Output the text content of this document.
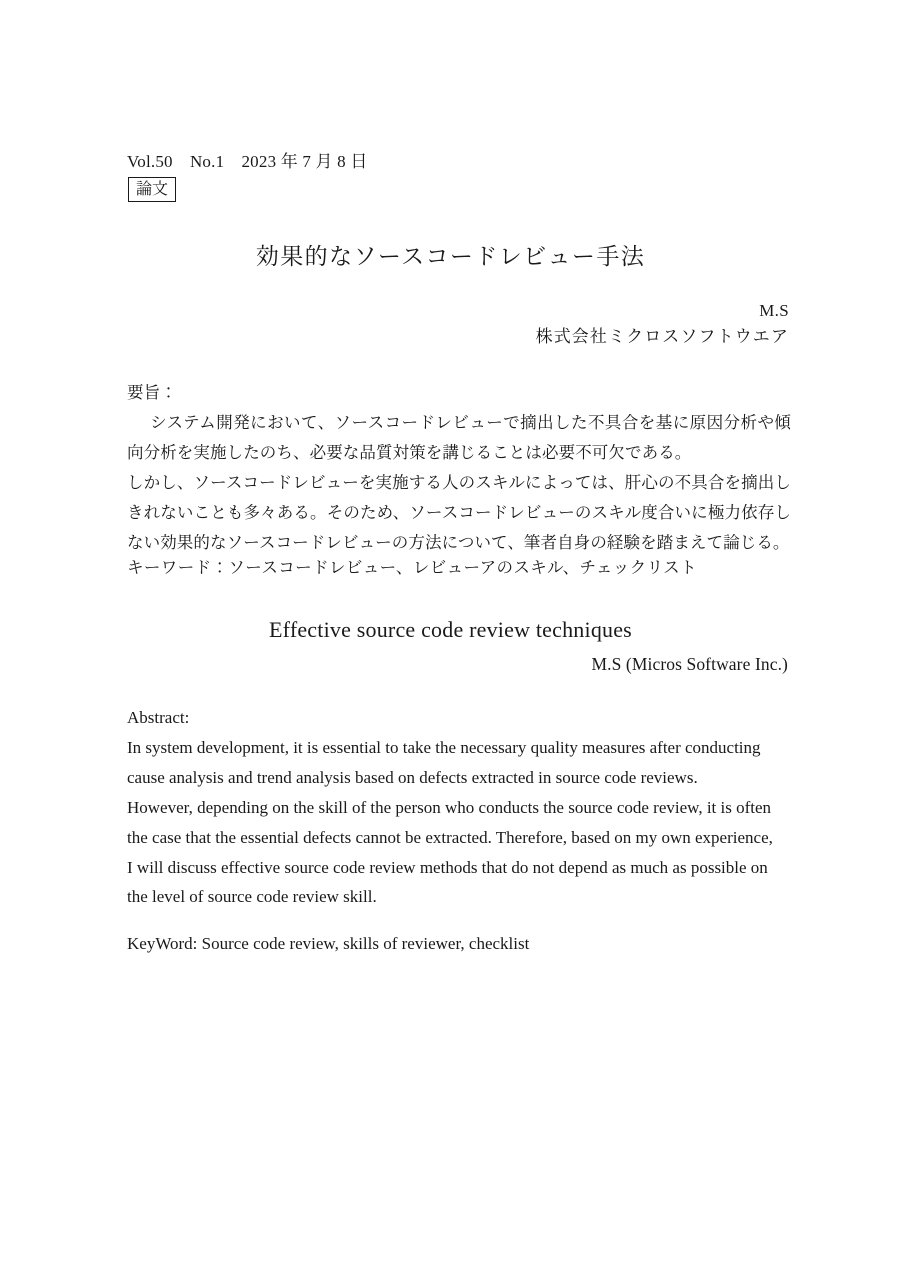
Vol.50　No.1　2023 年 7 月 8 日
論文
効果的なソースコードレビュー手法
M.S
株式会社ミクロスソフトウエア
要旨：

システム開発において、ソースコードレビューで摘出した不具合を基に原因分析や傾向分析を実施したのち、必要な品質対策を講じることは必要不可欠である。

しかし、ソースコードレビューを実施する人のスキルによっては、肝心の不具合を摘出しきれないことも多々ある。そのため、ソースコードレビューのスキル度合いに極力依存しない効果的なソースコードレビューの方法について、筆者自身の経験を踏まえて論じる。

キーワード：ソースコードレビュー、レビューアのスキル、チェックリスト
Effective source code review techniques
M.S (Micros Software Inc.)
Abstract:

In system development, it is essential to take the necessary quality measures after conducting cause analysis and trend analysis based on defects extracted in source code reviews.

However, depending on the skill of the person who conducts the source code review, it is often the case that the essential defects cannot be extracted. Therefore, based on my own experience, I will discuss effective source code review methods that do not depend as much as possible on the level of source code review skill.

KeyWord: Source code review, skills of reviewer, checklist
